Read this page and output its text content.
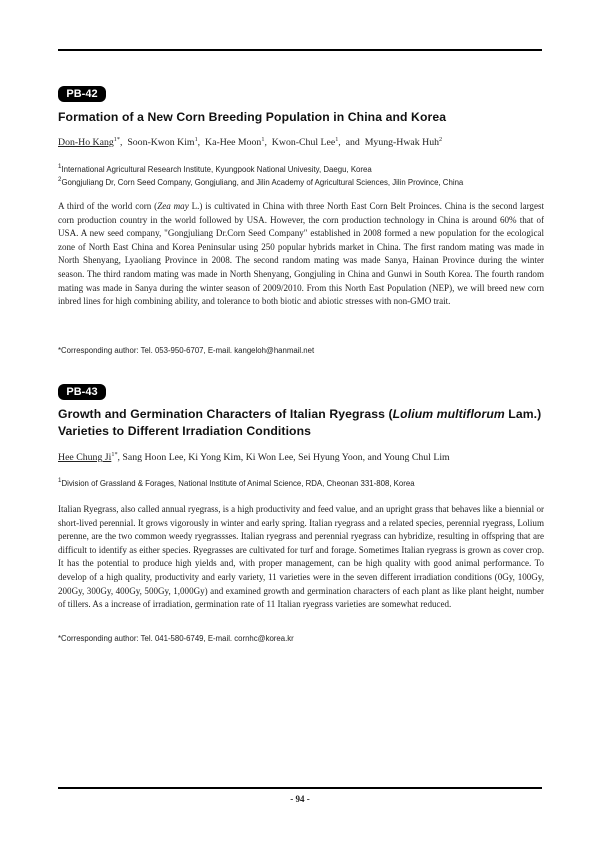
PB-42
Formation of a New Corn Breeding Population in China and Korea
Don-Ho Kang$^{1*}$,  Soon-Kwon Kim$^1$,  Ka-Hee Moon$^1$,  Kwon-Chul Lee$^1$,  and Myung-Hwak Huh$^2$
$^1$International Agricultural Research Institute, Kyungpook National Univesity, Daegu, Korea
$^2$Gongjuliang Dr, Corn Seed Company, Gongjuliang, and Jilin Academy of Agricultural Sciences, Jilin Province, China

A third of the world corn (Zea may L.) is cultivated in China with three North East Corn Belt Proinces. China is the second largest corn production country in the world followed by USA. However, the corn production technology in China is around 60% that of USA. A new seed company, "Gongjuliang Dr.Corn Seed Company" established in 2008 formed a new population for the ecological zone of North East China and Korea Peninsular using 250 popular hybrids market in China. The first random mating was made in North Shenyang, Lyaoliang Province in 2008. The second random mating was made Sanya, Hainan Province during the winter season. The third random mating was made in North Shenyang, Gongjuling in China and Gunwi in South Korea. The fourth random mating was made in Sanya during the winter season of 2009/2010. From this North East Population (NEP), we will breed new corn inbred lines for high combining ability, and tolerance to both biotic and abiotic stresses with non-GMO trait.

*Corresponding author: Tel. 053-950-6707, E-mail. kangeloh@hanmail.net
PB-43
Growth and Germination Characters of Italian Ryegrass (Lolium multiflorum Lam.) Varieties to Different Irradiation Conditions
Hee Chung $Ji^{1*}$, Sang Hoon Lee, Ki Yong Kim, Ki Won Lee, Sei Hyung Yoon, and Young Chul Lim
$^1$Division of Grassland & Forages, National Institute of Animal Science, RDA, Cheonan 331-808, Korea

Italian Ryegrass, also called annual ryegrass, is a high productivity and feed value, and an upright grass that behaves like a biennial or short-lived perennial. It grows vigorously in winter and early spring. Italian ryegrass and a related species, perennial ryegrass, Lolium perenne, are the two common weedy ryegrassses. Italian ryegrass and perennial ryegrass can hybridize, resulting in offspring that are difficult to identify as either species. Ryegrasses are cultivated for turf and forage. Sometimes Italian ryegrass is grown as cover crop. It has the potential to produce high yields and, with proper management, can be high quality with good animal performance. To develop of a high quality, productivity and early variety, 11 varieties were in the seven different irradiation conditions (0Gy, 100Gy, 200Gy, 300Gy, 400Gy, 500Gy, 1,000Gy) and examined growth and germination characters of each plant as like plant height, number of tillers. As a increase of irradiation, germination rate of 11 Italian ryegrass varieties are somewhat reduced.

*Corresponding author: Tel. 041-580-6749, E-mail. cornhc@korea.kr
- 94 -
